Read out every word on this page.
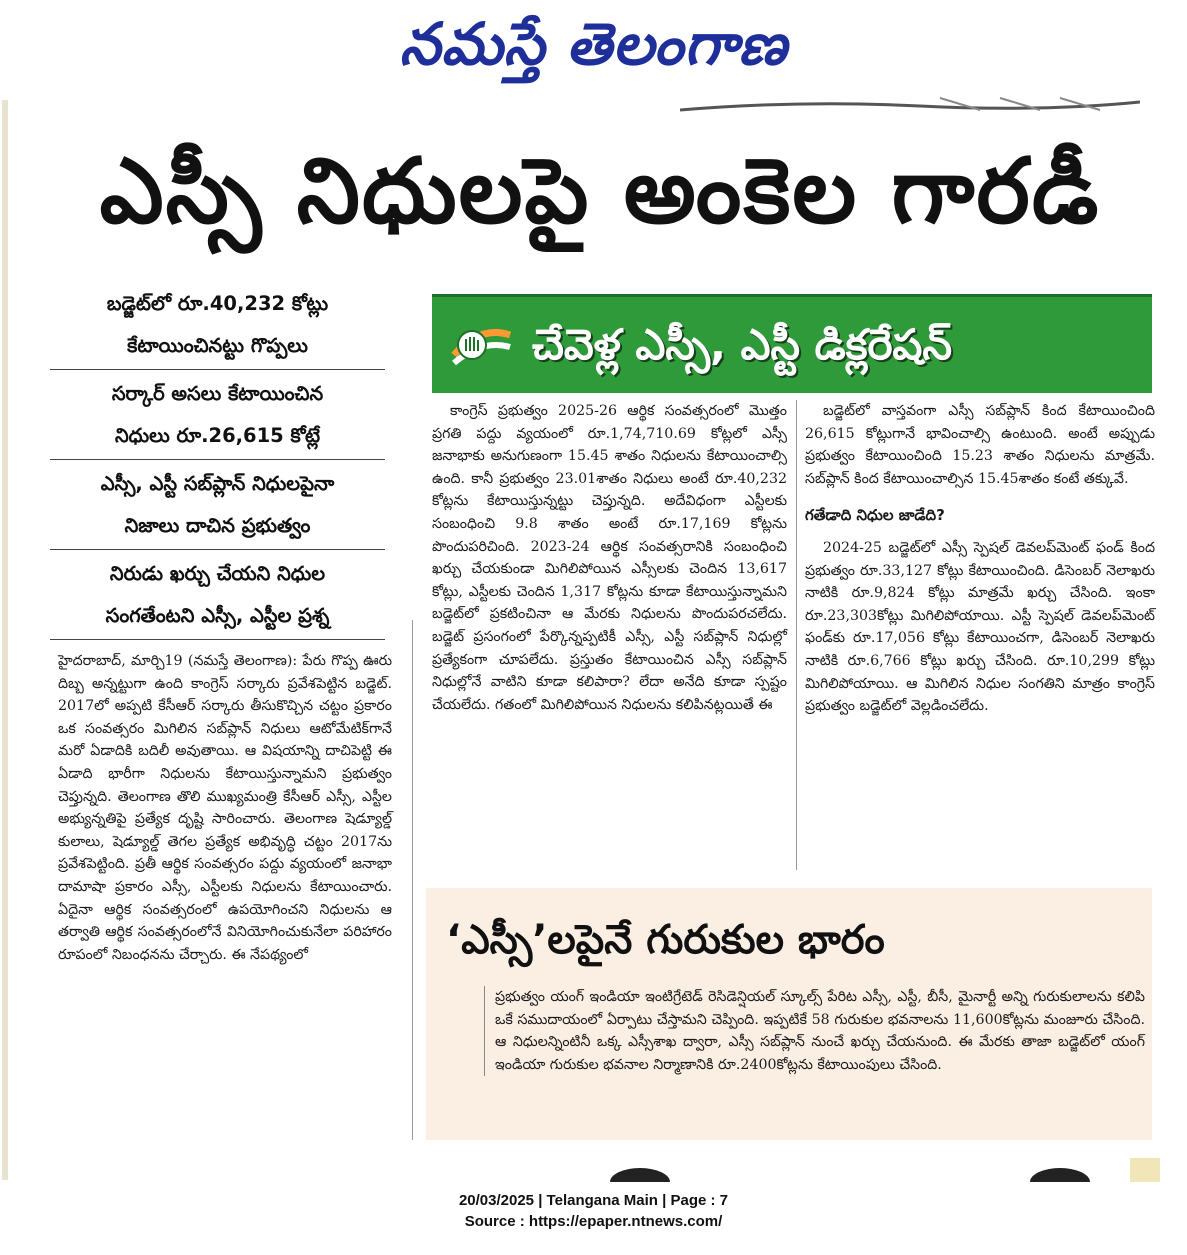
నమస్తే తెలంగాణ
ఎస్సీ నిధులపై అంకెల గారడీ
బడ్జెట్‌లో రూ.40,232 కోట్లు
కేటాయించినట్టు గొప్పలు
సర్కార్‌ అసలు కేటాయించిన
నిధులు రూ.26,615 కోట్లే
ఎస్సీ, ఎస్టీ సబ్‌ప్లాన్‌ నిధులపైనా
నిజాలు దాచిన ప్రభుత్వం
నిరుడు ఖర్చు చేయని నిధుల
సంగతేంటని ఎస్సీ, ఎస్టీల ప్రశ్న
చేవెళ్ల ఎస్సీ, ఎస్టీ డిక్లరేషన్‌

హైదరాబాద్‌, మార్చి19 (నమస్తే తెలంగాణ): పేరు గొప్ప ఊరు దిబ్బ అన్నట్టుగా ఉంది కాంగ్రెస్‌ సర్కారు ప్రవేశపెట్టిన బడ్జెట్‌. 2017లో అప్పటి కేసీఆర్‌ సర్కారు తీసుకొచ్చిన చట్టం ప్రకారం ఒక సంవత్సరం మిగిలిన సబ్‌ప్లాన్‌ నిధులు ఆటోమేటిక్‌గానే మరో ఏడాదికి బదిలీ అవుతాయి. ఆ విషయాన్ని దాచిపెట్టి ఈ ఏడాది భారీగా నిధులను కేటాయిస్తున్నామని ప్రభుత్వం చెప్తున్నది. తెలంగాణ తొలి ముఖ్యమంత్రి కేసీఆర్‌ ఎస్సీ, ఎస్టీల అభ్యున్నతిపై ప్రత్యేక దృష్టి సారించారు. తెలంగాణ షెడ్యూల్డ్‌ కులాలు, షెడ్యూల్డ్‌ తెగల ప్రత్యేక అభివృద్ధి చట్టం 2017ను ప్రవేశపెట్టింది. ప్రతీ ఆర్థిక సంవత్సరం పద్దు వ్యయంలో జనాభా దామాషా ప్రకారం ఎస్సీ, ఎస్టీలకు నిధులను కేటాయించారు. ఏదైనా ఆర్థిక సంవత్సరంలో ఉపయోగించని నిధులను ఆ తర్వాతి ఆర్థిక సంవత్సరంలోనే వినియోగించుకునేలా పరిహారం రూపంలో నిబంధనను చేర్చారు. ఈ నేపథ్యంలో

కాంగ్రెస్‌ ప్రభుత్వం 2025-26 ఆర్థిక సంవత్సరంలో మొత్తం ప్రగతి పద్దు వ్యయంలో రూ.1,74,710.69 కోట్లలో ఎస్సీ జనాభాకు అనుగుణంగా 15.45 శాతం నిధులను కేటాయించాల్సి ఉంది. కానీ ప్రభుత్వం 23.01శాతం నిధులు అంటే రూ.40,232 కోట్లను కేటాయిస్తున్నట్టు చెప్తున్నది. అదేవిధంగా ఎస్టీలకు సంబంధించి 9.8 శాతం అంటే రూ.17,169 కోట్లను పొందుపరిచింది. 2023-24 ఆర్థిక సంవత్సరానికి సంబంధించి ఖర్చు చేయకుండా మిగిలిపోయిన ఎస్సీలకు చెందిన 13,617 కోట్లు, ఎస్టీలకు చెందిన 1,317 కోట్లను కూడా కేటాయిస్తున్నామని బడ్జెట్‌లో ప్రకటించినా ఆ మేరకు నిధులను పొందుపరచలేదు. బడ్జెట్‌ ప్రసంగంలో పేర్కొన్నప్పటికీ ఎస్సీ, ఎస్టీ సబ్‌ప్లాన్‌ నిధుల్లో ప్రత్యేకంగా చూపలేదు. ప్రస్తుతం కేటాయించిన ఎస్సీ సబ్‌ప్లాన్‌ నిధుల్లోనే వాటిని కూడా కలిపారా? లేదా అనేది కూడా స్పష్టం చేయలేదు. గతంలో మిగిలిపోయిన నిధులను కలిపినట్లయితే ఈ

బడ్జెట్‌లో వాస్తవంగా ఎస్సీ సబ్‌ప్లాన్‌ కింద కేటాయించింది 26,615 కోట్లుగానే భావించాల్సి ఉంటుంది. అంటే అప్పుడు ప్రభుత్వం కేటాయించింది 15.23 శాతం నిధులను మాత్రమే. సబ్‌ప్లాన్‌ కింద కేటాయించాల్సిన 15.45శాతం కంటే తక్కువే.

గతేడాది నిధుల జాడేది?

2024-25 బడ్జెట్‌లో ఎస్సీ స్పెషల్‌ డెవలప్‌మెంట్‌ ఫండ్‌ కింద ప్రభుత్వం రూ.33,127 కోట్లు కేటాయించింది. డిసెంబర్‌ నెలాఖరు నాటికి రూ.9,824 కోట్లు మాత్రమే ఖర్చు చేసింది. ఇంకా రూ.23,303కోట్లు మిగిలిపోయాయి. ఎస్టీ స్పెషల్‌ డెవలప్‌మెంట్‌ ఫండ్‌కు రూ.17,056 కోట్లు కేటాయించగా, డిసెంబర్‌ నెలాఖరు నాటికి రూ.6,766 కోట్లు ఖర్చు చేసింది. రూ.10,299 కోట్లు మిగిలిపోయాయి. ఆ మిగిలిన నిధుల సంగతిని మాత్రం కాంగ్రెస్‌ ప్రభుత్వం బడ్జెట్‌లో వెల్లడించలేదు.

‘ఎస్సీ’లపైనే గురుకుల భారం
ప్రభుత్వం యంగ్‌ ఇండియా ఇంటిగ్రేటెడ్‌ రెసిడెన్షియల్‌ స్కూల్స్‌ పేరిట ఎస్సీ, ఎస్టీ, బీసీ, మైనార్టీ అన్ని గురుకులాలను కలిపి ఒకే సముదాయంలో ఏర్పాటు చేస్తామని చెప్పింది. ఇప్పటికే 58 గురుకుల భవనాలను 11,600కోట్లను మంజూరు చేసింది. ఆ నిధులన్నింటినీ ఒక్క ఎస్సీశాఖ ద్వారా, ఎస్సీ సబ్‌ప్లాన్‌ నుంచే ఖర్చు చేయనుంది. ఈ మేరకు తాజా బడ్జెట్‌లో యంగ్‌ ఇండియా గురుకుల భవనాల నిర్మాణానికి రూ.2400కోట్లను కేటాయింపులు చేసింది.
20/03/2025 | Telangana Main | Page : 7
Source : https://epaper.ntnews.com/
